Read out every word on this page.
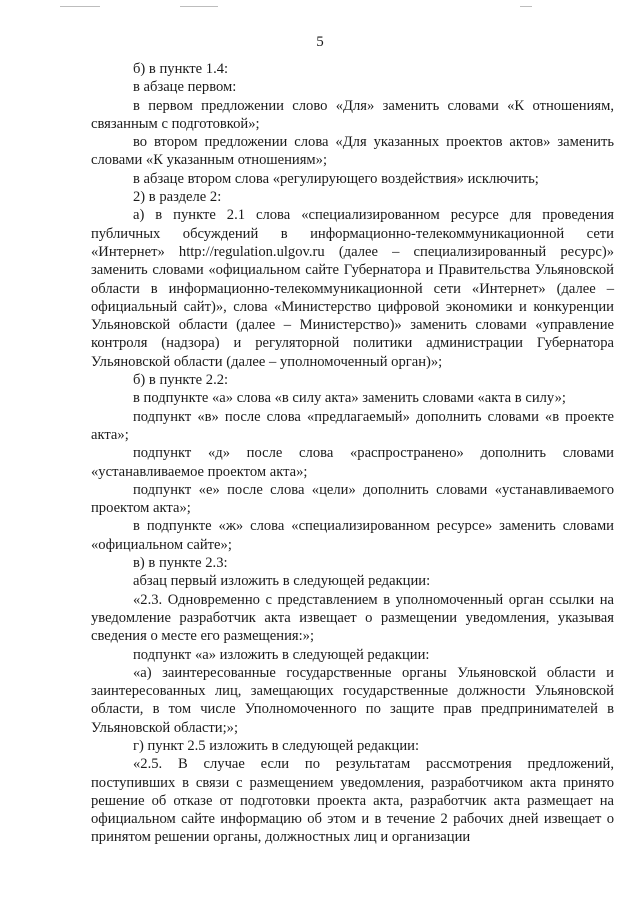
5

б) в пункте 1.4:

в абзаце первом:

в первом предложении слово «Для» заменить словами «К отношениям, связанным с подготовкой»;

во втором предложении слова «Для указанных проектов актов» заменить словами «К указанным отношениям»;

в абзаце втором слова «регулирующего воздействия» исключить;

2) в разделе 2:

а) в пункте 2.1 слова «специализированном ресурсе для проведения публичных обсуждений в информационно-телекоммуникационной сети «Интернет» http://regulation.ulgov.ru (далее – специализированный ресурс)» заменить словами «официальном сайте Губернатора и Правительства Ульяновской области в информационно-телекоммуникационной сети «Интернет» (далее – официальный сайт)», слова «Министерство цифровой экономики и конкуренции Ульяновской области (далее – Министерство)» заменить словами «управление контроля (надзора) и регуляторной политики администрации Губернатора Ульяновской области (далее – уполномоченный орган)»;

б) в пункте 2.2:

в подпункте «а» слова «в силу акта» заменить словами «акта в силу»;

подпункт «в» после слова «предлагаемый» дополнить словами «в проекте акта»;

подпункт «д» после слова «распространено» дополнить словами «устанавливаемое проектом акта»;

подпункт «е» после слова «цели» дополнить словами «устанавливаемого проектом акта»;

в подпункте «ж» слова «специализированном ресурсе» заменить словами «официальном сайте»;

в) в пункте 2.3:

абзац первый изложить в следующей редакции:

«2.3. Одновременно с представлением в уполномоченный орган ссылки на уведомление разработчик акта извещает о размещении уведомления, указывая сведения о месте его размещения:»;

подпункт «а» изложить в следующей редакции:

«а) заинтересованные государственные органы Ульяновской области и заинтересованных лиц, замещающих государственные должности Ульяновской области, в том числе Уполномоченного по защите прав предпринимателей в Ульяновской области;»;

г) пункт 2.5 изложить в следующей редакции:

«2.5. В случае если по результатам рассмотрения предложений, поступивших в связи с размещением уведомления, разработчиком акта принято решение об отказе от подготовки проекта акта, разработчик акта размещает на официальном сайте информацию об этом и в течение 2 рабочих дней извещает о принятом решении органы, должностных лиц и организации
